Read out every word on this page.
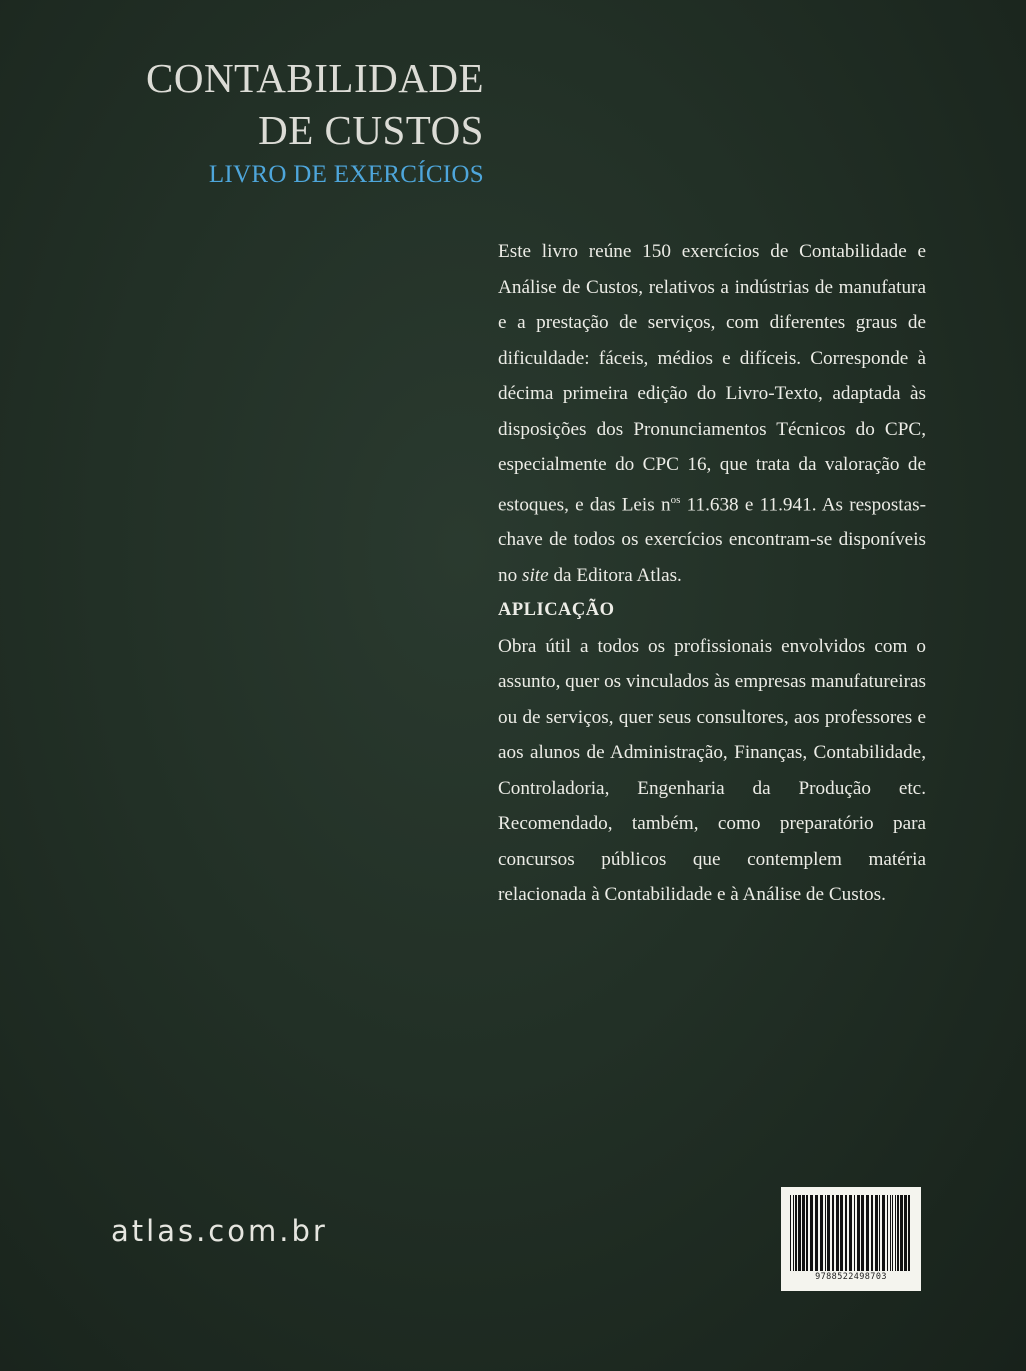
CONTABILIDADE
DE CUSTOS
LIVRO DE EXERCÍCIOS

Este livro reúne 150 exercícios de Contabilidade e Análise de Custos, relativos a indústrias de manufatura e a prestação de serviços, com diferentes graus de dificuldade: fáceis, médios e difíceis. Corresponde à décima primeira edição do Livro-Texto, adaptada às disposições dos Pronunciamentos Técnicos do CPC, especialmente do CPC 16, que trata da valoração de estoques, e das Leis $n^{os}$ 11.638 e 11.941. As respostas-chave de todos os exercícios encontram-se disponíveis no site da Editora Atlas.

APLICAÇÃO

Obra útil a todos os profissionais envolvidos com o assunto, quer os vinculados às empresas manufatureiras ou de serviços, quer seus consultores, aos professores e aos alunos de Administração, Finanças, Contabilidade, Controladoria, Engenharia da Produção etc. Recomendado, também, como preparatório para concursos públicos que contemplem matéria relacionada à Contabilidade e à Análise de Custos.

atlas.com.br
9788522498703
